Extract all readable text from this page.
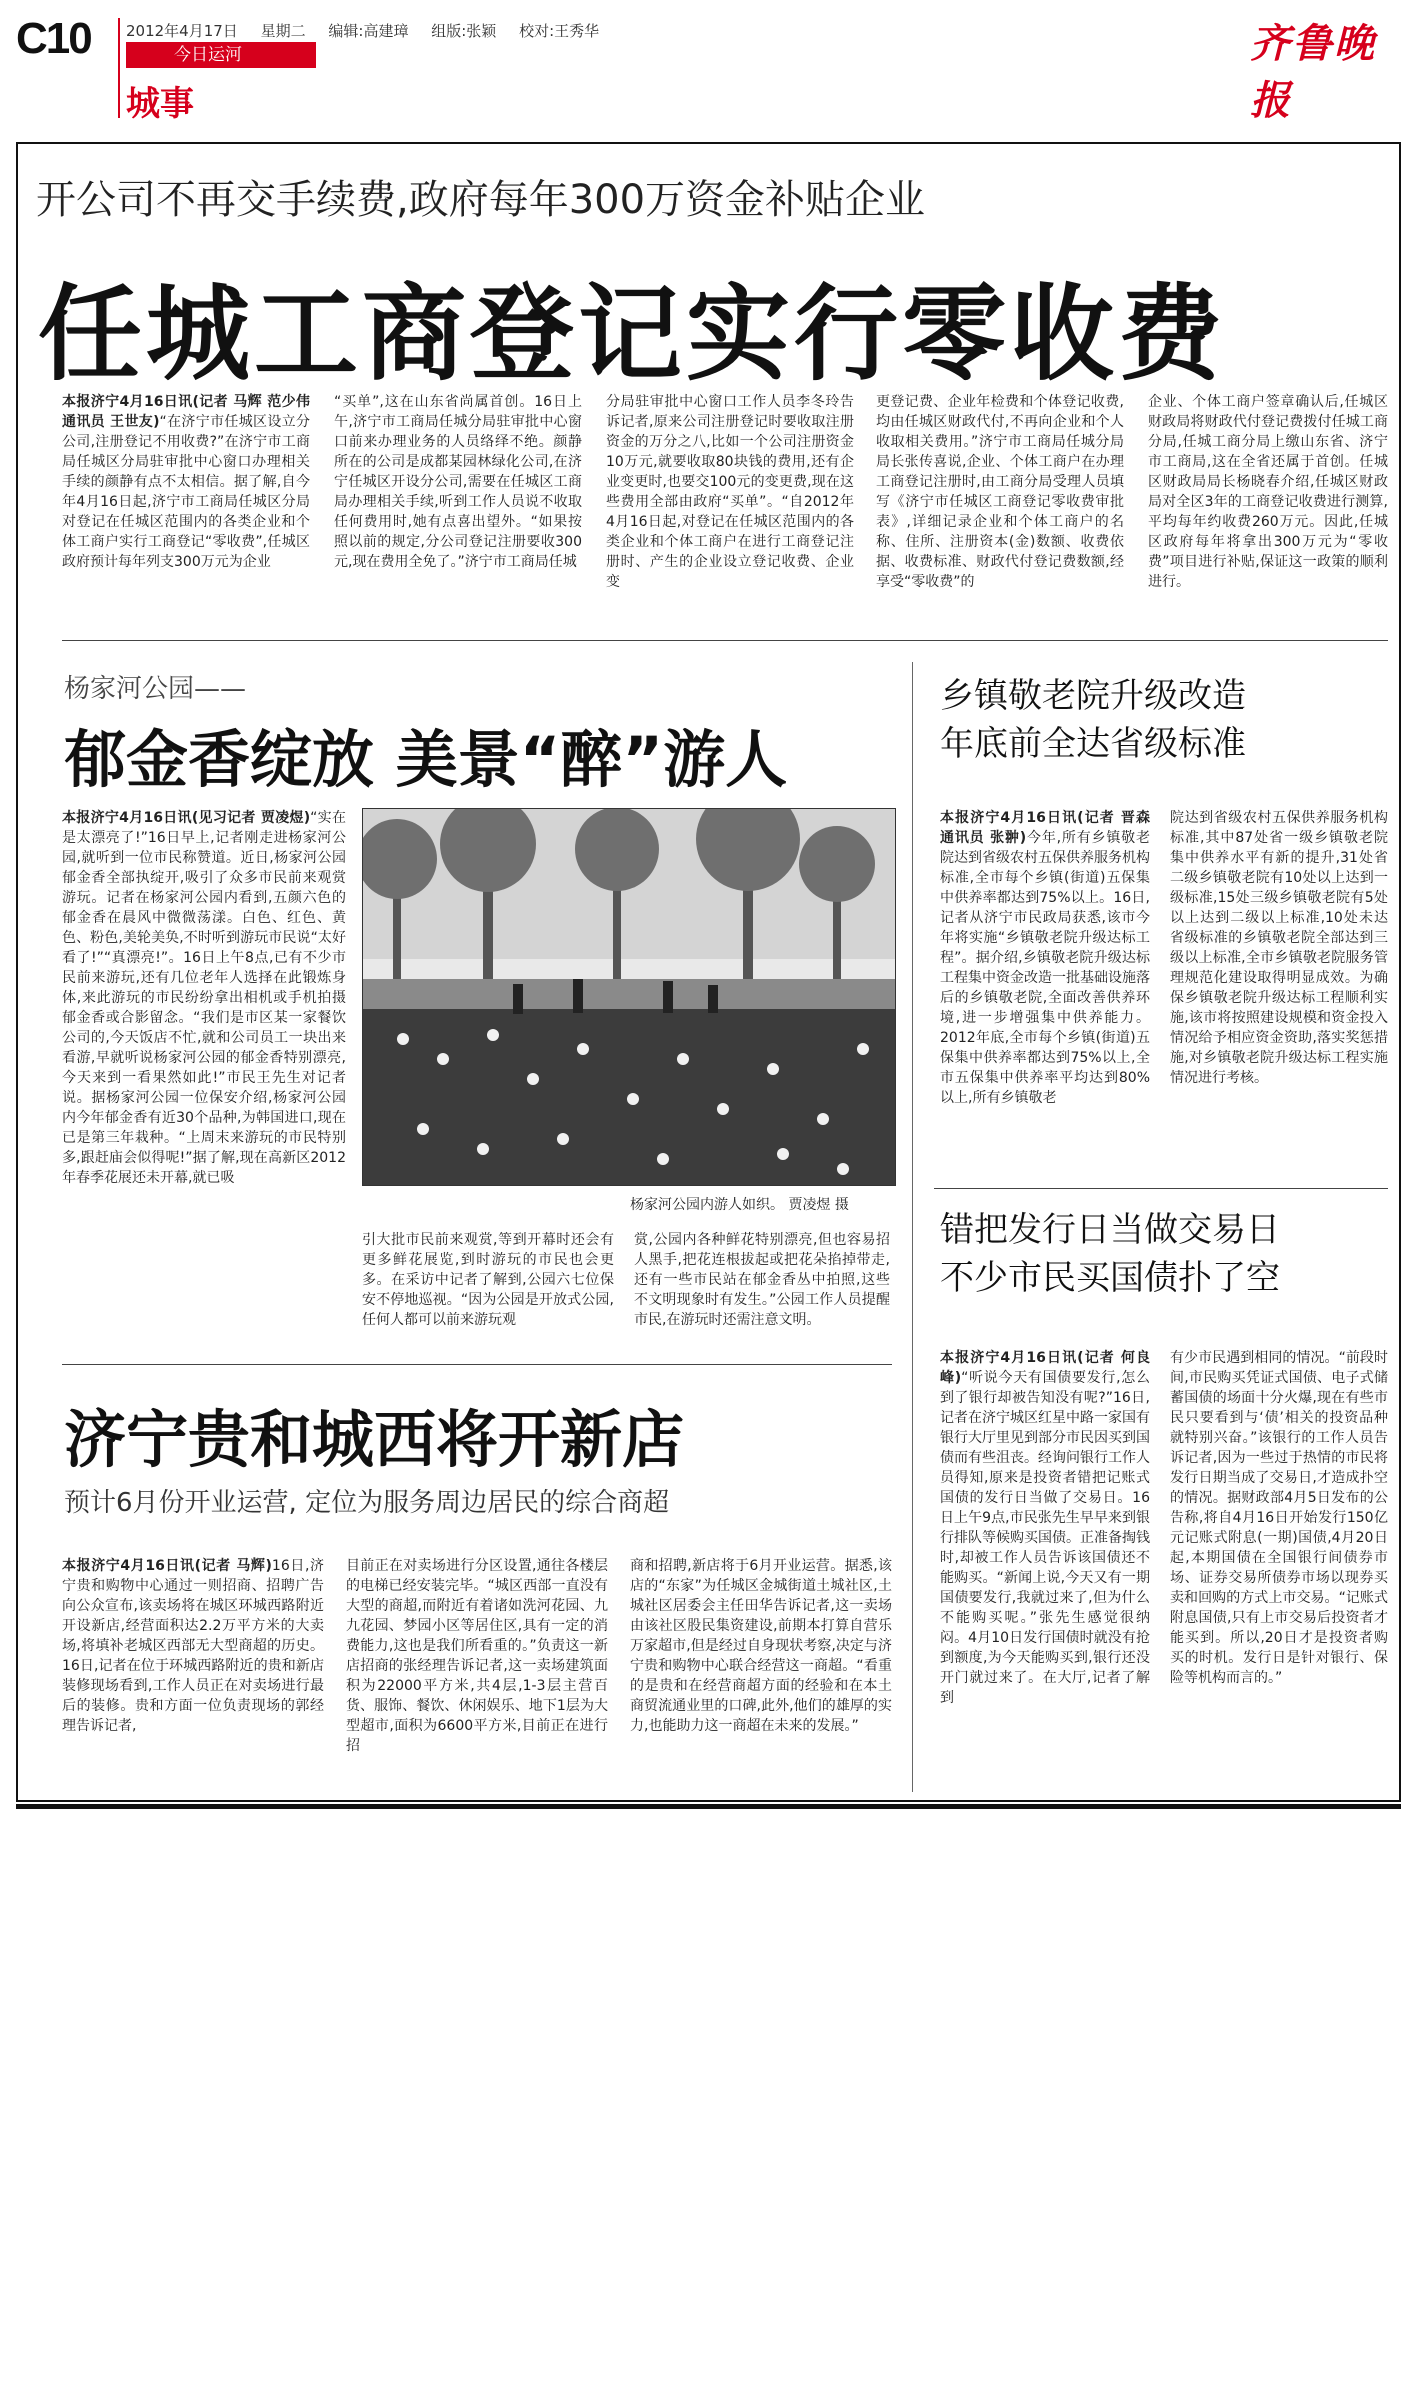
C10 2012年4月17日 星期二 编辑:高建璋 组版:张颖 校对:王秀华
今日运河
城事
齐鲁晚报
开公司不再交手续费,政府每年300万资金补贴企业
任城工商登记实行零收费
本报济宁4月16日讯(记者 马辉 范少伟 通讯员 王世友)“在济宁市任城区设立分公司,注册登记不用收费?”在济宁市工商局任城区分局驻审批中心窗口办理相关手续的颜静有点不太相信。据了解,自今年4月16日起,济宁市工商局任城区分局对登记在任城区范围内的各类企业和个体工商户实行工商登记“零收费”,任城区政府预计每年列支300万元为企业
“买单”,这在山东省尚属首创。16日上午,济宁市工商局任城分局驻审批中心窗口前来办理业务的人员络绎不绝。颜静所在的公司是成都某园林绿化公司,在济宁任城区开设分公司,需要在任城区工商局办理相关手续,听到工作人员说不收取任何费用时,她有点喜出望外。“如果按照以前的规定,分公司登记注册要收300元,现在费用全免了。”济宁市工商局任城
分局驻审批中心窗口工作人员李冬玲告诉记者,原来公司注册登记时要收取注册资金的万分之八,比如一个公司注册资金10万元,就要收取80块钱的费用,还有企业变更时,也要交100元的变更费,现在这些费用全部由政府“买单”。“自2012年4月16日起,对登记在任城区范围内的各类企业和个体工商户在进行工商登记注册时、产生的企业设立登记收费、企业变
更登记费、企业年检费和个体登记收费,均由任城区财政代付,不再向企业和个人收取相关费用。”济宁市工商局任城分局局长张传喜说,企业、个体工商户在办理工商登记注册时,由工商分局受理人员填写《济宁市任城区工商登记零收费审批表》,详细记录企业和个体工商户的名称、住所、注册资本(金)数额、收费依据、收费标准、财政代付登记费数额,经享受“零收费”的
企业、个体工商户签章确认后,任城区财政局将财政代付登记费拨付任城工商分局,任城工商分局上缴山东省、济宁市工商局,这在全省还属于首创。任城区财政局局长杨晓春介绍,任城区财政局对全区3年的工商登记收费进行测算,平均每年约收费260万元。因此,任城区政府每年将拿出300万元为“零收费”项目进行补贴,保证这一政策的顺利进行。
杨家河公园——
郁金香绽放 美景“醉”游人
本报济宁4月16日讯(见习记者 贾凌煜)“实在是太漂亮了!”16日早上,记者刚走进杨家河公园,就听到一位市民称赞道。近日,杨家河公园郁金香全部执绽开,吸引了众多市民前来观赏游玩。记者在杨家河公园内看到,五颜六色的郁金香在晨风中微微荡漾。白色、红色、黄色、粉色,美轮美奂,不时听到游玩市民说“太好看了!”“真漂亮!”。16日上午8点,已有不少市民前来游玩,还有几位老年人选择在此锻炼身体,来此游玩的市民纷纷拿出相机或手机拍摄郁金香或合影留念。“我们是市区某一家餐饮公司的,今天饭店不忙,就和公司员工一块出来看游,早就听说杨家河公园的郁金香特别漂亮,今天来到一看果然如此!”市民王先生对记者说。据杨家河公园一位保安介绍,杨家河公园内今年郁金香有近30个品种,为韩国进口,现在已是第三年栽种。“上周末来游玩的市民特别多,跟赶庙会似得呢!”据了解,现在高新区2012年春季花展还未开幕,就已吸
杨家河公园内游人如织。 贾凌煜 摄
引大批市民前来观赏,等到开幕时还会有更多鲜花展览,到时游玩的市民也会更多。在采访中记者了解到,公园六七位保安不停地巡视。“因为公园是开放式公园,任何人都可以前来游玩观
赏,公园内各种鲜花特别漂亮,但也容易招人黑手,把花连根拔起或把花朵掐掉带走,还有一些市民站在郁金香丛中拍照,这些不文明现象时有发生。”公园工作人员提醒市民,在游玩时还需注意文明。
乡镇敬老院升级改造
年底前全达省级标准
本报济宁4月16日讯(记者 晋森 通讯员 张翀)今年,所有乡镇敬老院达到省级农村五保供养服务机构标准,全市每个乡镇(街道)五保集中供养率都达到75%以上。16日,记者从济宁市民政局获悉,该市今年将实施“乡镇敬老院升级达标工程”。据介绍,乡镇敬老院升级达标工程集中资金改造一批基础设施落后的乡镇敬老院,全面改善供养环境,进一步增强集中供养能力。2012年底,全市每个乡镇(街道)五保集中供养率都达到75%以上,全市五保集中供养率平均达到80%以上,所有乡镇敬老
院达到省级农村五保供养服务机构标准,其中87处省一级乡镇敬老院集中供养水平有新的提升,31处省二级乡镇敬老院有10处以上达到一级标准,15处三级乡镇敬老院有5处以上达到二级以上标准,10处未达省级标准的乡镇敬老院全部达到三级以上标准,全市乡镇敬老院服务管理规范化建设取得明显成效。为确保乡镇敬老院升级达标工程顺利实施,该市将按照建设规模和资金投入情况给予相应资金资助,落实奖惩措施,对乡镇敬老院升级达标工程实施情况进行考核。
错把发行日当做交易日
不少市民买国债扑了空
本报济宁4月16日讯(记者 何良峰)“听说今天有国债要发行,怎么到了银行却被告知没有呢?”16日,记者在济宁城区红星中路一家国有银行大厅里见到部分市民因买到国债而有些沮丧。经询问银行工作人员得知,原来是投资者错把记账式国债的发行日当做了交易日。16日上午9点,市民张先生早早来到银行排队等候购买国债。正准备掏钱时,却被工作人员告诉该国债还不能购买。“新闻上说,今天又有一期国债要发行,我就过来了,但为什么不能购买呢。”张先生感觉很纳闷。4月10日发行国债时就没有抢到额度,为今天能购买到,银行还没开门就过来了。在大厅,记者了解到
有少市民遇到相同的情况。“前段时间,市民购买凭证式国债、电子式储蓄国债的场面十分火爆,现在有些市民只要看到与‘债’相关的投资品种就特别兴奋。”该银行的工作人员告诉记者,因为一些过于热情的市民将发行日期当成了交易日,才造成扑空的情况。据财政部4月5日发布的公告称,将自4月16日开始发行150亿元记账式附息(一期)国债,4月20日起,本期国债在全国银行间债券市场、证券交易所债券市场以现券买卖和回购的方式上市交易。“记账式附息国债,只有上市交易后投资者才能买到。所以,20日才是投资者购买的时机。发行日是针对银行、保险等机构而言的。”
济宁贵和城西将开新店
预计6月份开业运营, 定位为服务周边居民的综合商超
本报济宁4月16日讯(记者 马辉)16日,济宁贵和购物中心通过一则招商、招聘广告向公众宣布,该卖场将在城区环城西路附近开设新店,经营面积达2.2万平方米的大卖场,将填补老城区西部无大型商超的历史。16日,记者在位于环城西路附近的贵和新店装修现场看到,工作人员正在对卖场进行最后的装修。贵和方面一位负责现场的郭经理告诉记者,
目前正在对卖场进行分区设置,通往各楼层的电梯已经安装完毕。“城区西部一直没有大型的商超,而附近有着诸如洗河花园、九九花园、梦园小区等居住区,具有一定的消费能力,这也是我们所看重的。”负责这一新店招商的张经理告诉记者,这一卖场建筑面积为22000平方米,共4层,1-3层主营百货、服饰、餐饮、休闲娱乐、地下1层为大型超市,面积为6600平方米,目前正在进行招
商和招聘,新店将于6月开业运营。据悉,该店的“东家”为任城区金城街道土城社区,土城社区居委会主任田华告诉记者,这一卖场由该社区股民集资建设,前期本打算自营乐万家超市,但是经过自身现状考察,决定与济宁贵和购物中心联合经营这一商超。“看重的是贵和在经营商超方面的经验和在本土商贸流通业里的口碑,此外,他们的雄厚的实力,也能助力这一商超在未来的发展。”
